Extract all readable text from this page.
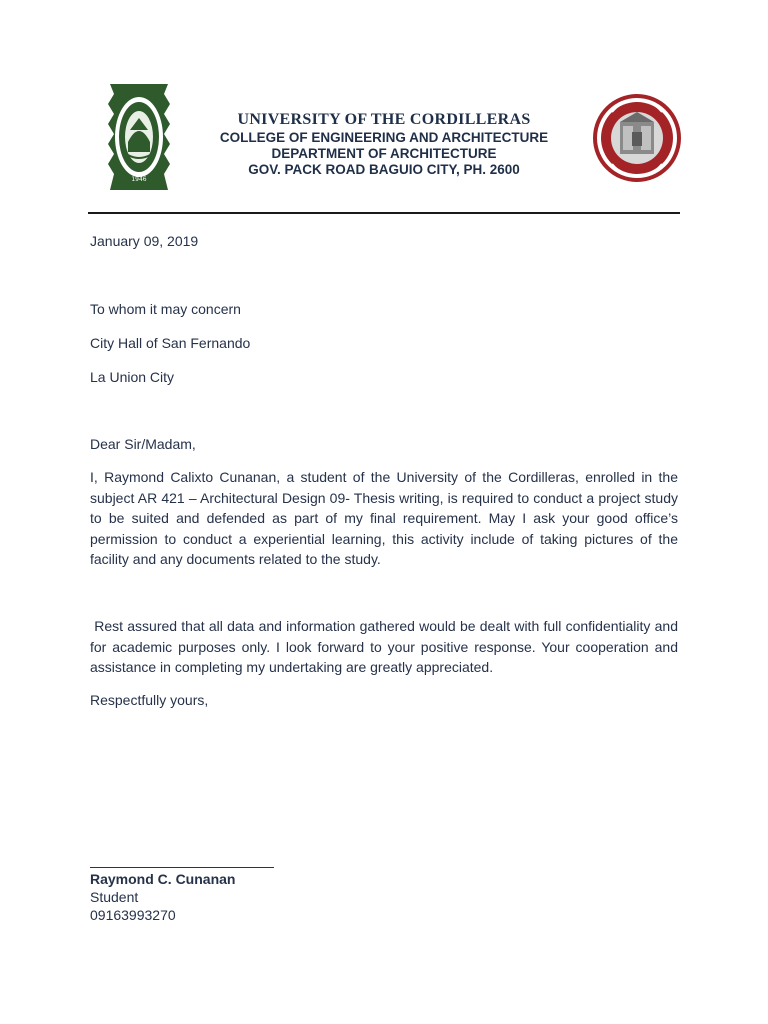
1946
UNIVERSITY OF THE CORDILLERAS
COLLEGE OF ENGINEERING AND ARCHITECTURE
DEPARTMENT OF ARCHITECTURE
GOV. PACK ROAD BAGUIO CITY, PH. 2600
January 09, 2019
To whom it may concern
City Hall of San Fernando
La Union City
Dear Sir/Madam,
I, Raymond Calixto Cunanan, a student of the University of the Cordilleras, enrolled in the subject AR 421 – Architectural Design 09- Thesis writing, is required to conduct a project study to be suited and defended as part of my final requirement. May I ask your good office’s permission to conduct a experiential learning, this activity include of taking pictures of the facility and any documents related to the study.
Rest assured that all data and information gathered would be dealt with full confidentiality and for academic purposes only. I look forward to your positive response. Your cooperation and assistance in completing my undertaking are greatly appreciated.
Respectfully yours,
Raymond C. Cunanan
Student
09163993270
